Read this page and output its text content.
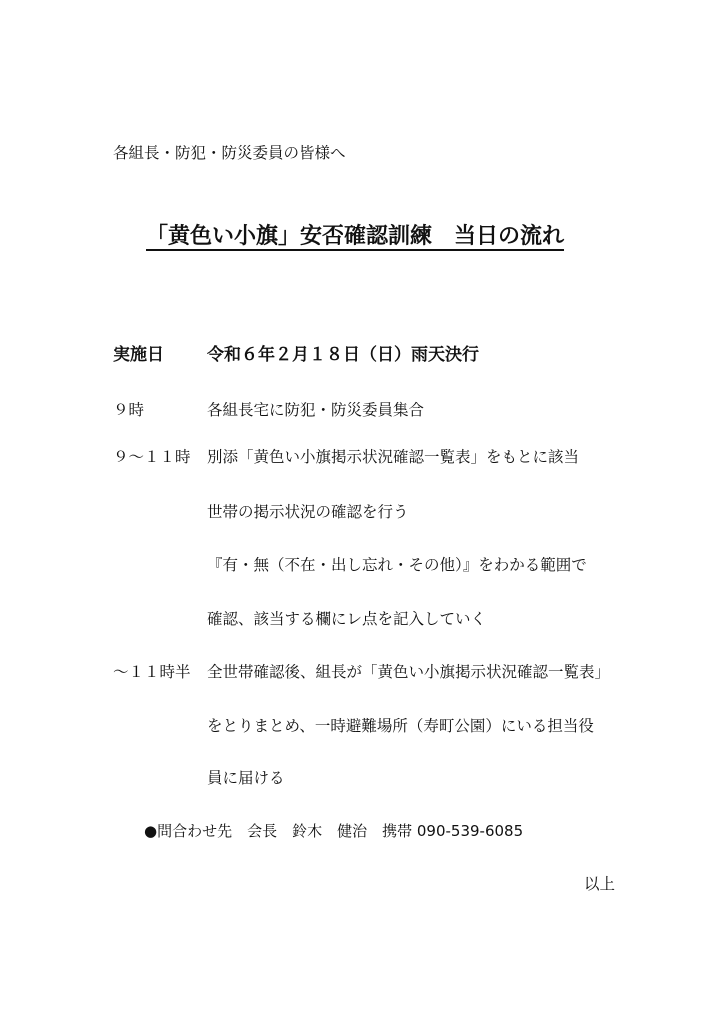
各組長・防犯・防災委員の皆様へ
「黄色い小旗」安否確認訓練　当日の流れ
実施日	令和６年２月１８日（日）雨天決行
９時	各組長宅に防犯・防災委員集合
９～１１時 別添「黄色い小旗掲示状況確認一覧表」をもとに該当
世帯の掲示状況の確認を行う
『有・無（不在・出し忘れ・その他）』をわかる範囲で
確認、該当する欄にレ点を記入していく
～１１時半 全世帯確認後、組長が「黄色い小旗掲示状況確認一覧表」
をとりまとめ、一時避難場所（寿町公園）にいる担当役
員に届ける
●問合わせ先　会長　鈴木　健治　携帯 090-539-6085
以上
